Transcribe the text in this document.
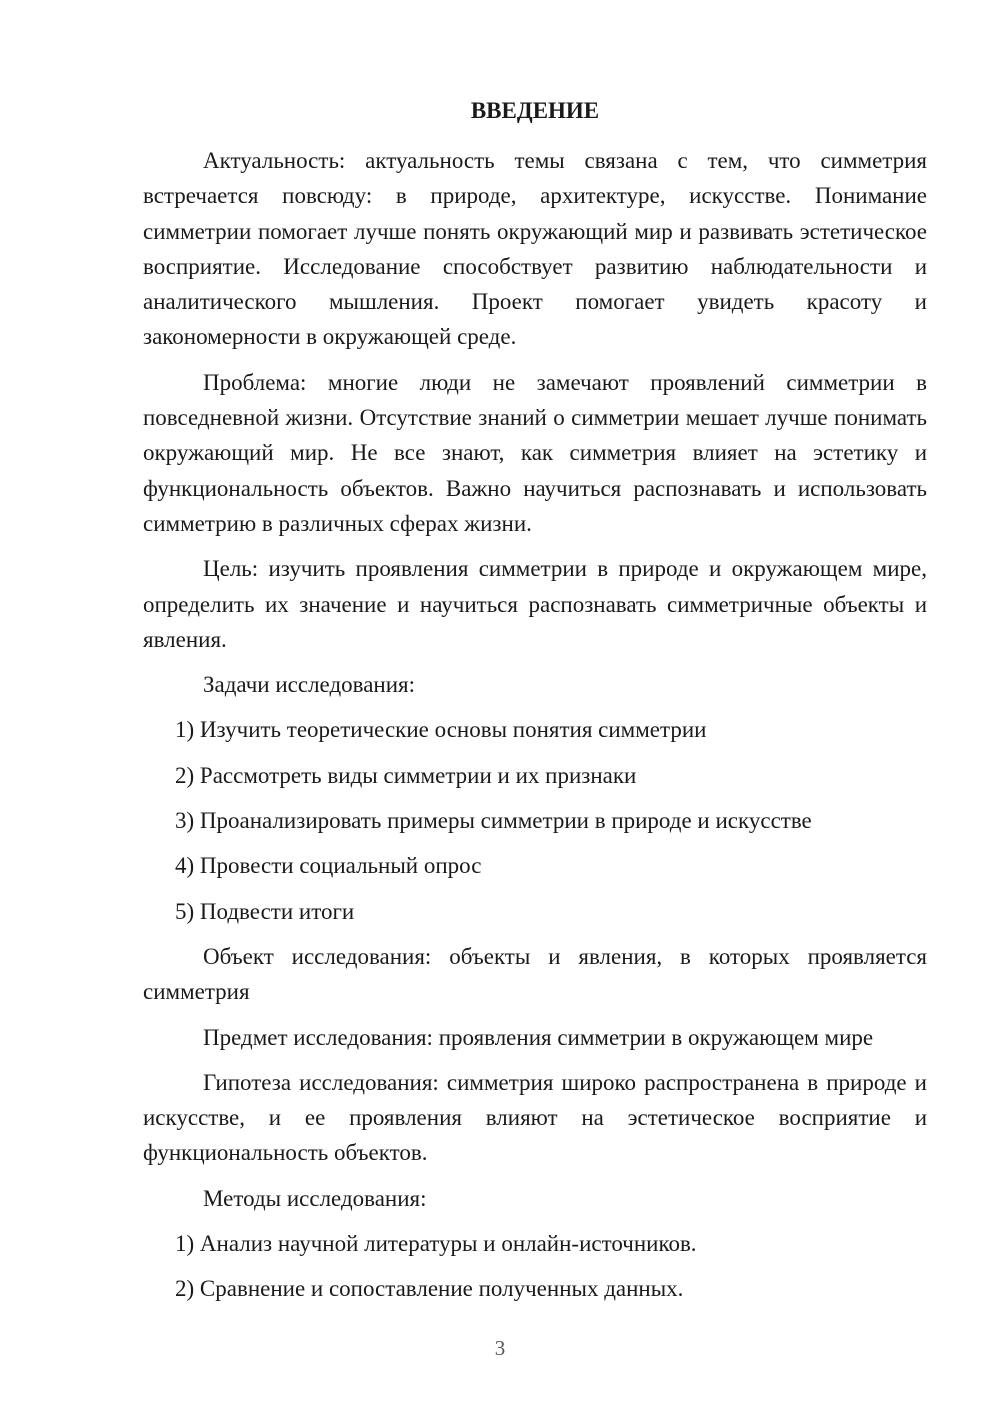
ВВЕДЕНИЕ

Актуальность: актуальность темы связана с тем, что симметрия встречается повсюду: в природе, архитектуре, искусстве. Понимание симметрии помогает лучше понять окружающий мир и развивать эстетическое восприятие. Исследование способствует развитию наблюдательности и аналитического мышления. Проект помогает увидеть красоту и закономерности в окружающей среде.

Проблема: многие люди не замечают проявлений симметрии в повседневной жизни. Отсутствие знаний о симметрии мешает лучше понимать окружающий мир. Не все знают, как симметрия влияет на эстетику и функциональность объектов. Важно научиться распознавать и использовать симметрию в различных сферах жизни.

Цель: изучить проявления симметрии в природе и окружающем мире, определить их значение и научиться распознавать симметричные объекты и явления.

Задачи исследования:

1) Изучить теоретические основы понятия симметрии
2) Рассмотреть виды симметрии и их признаки
3) Проанализировать примеры симметрии в природе и искусстве
4) Провести социальный опрос
5) Подвести итоги

Объект исследования: объекты и явления, в которых проявляется симметрия

Предмет исследования: проявления симметрии в окружающем мире

Гипотеза исследования: симметрия широко распространена в природе и искусстве, и ее проявления влияют на эстетическое восприятие и функциональность объектов.

Методы исследования:

1) Анализ научной литературы и онлайн-источников.
2) Сравнение и сопоставление полученных данных.
3
